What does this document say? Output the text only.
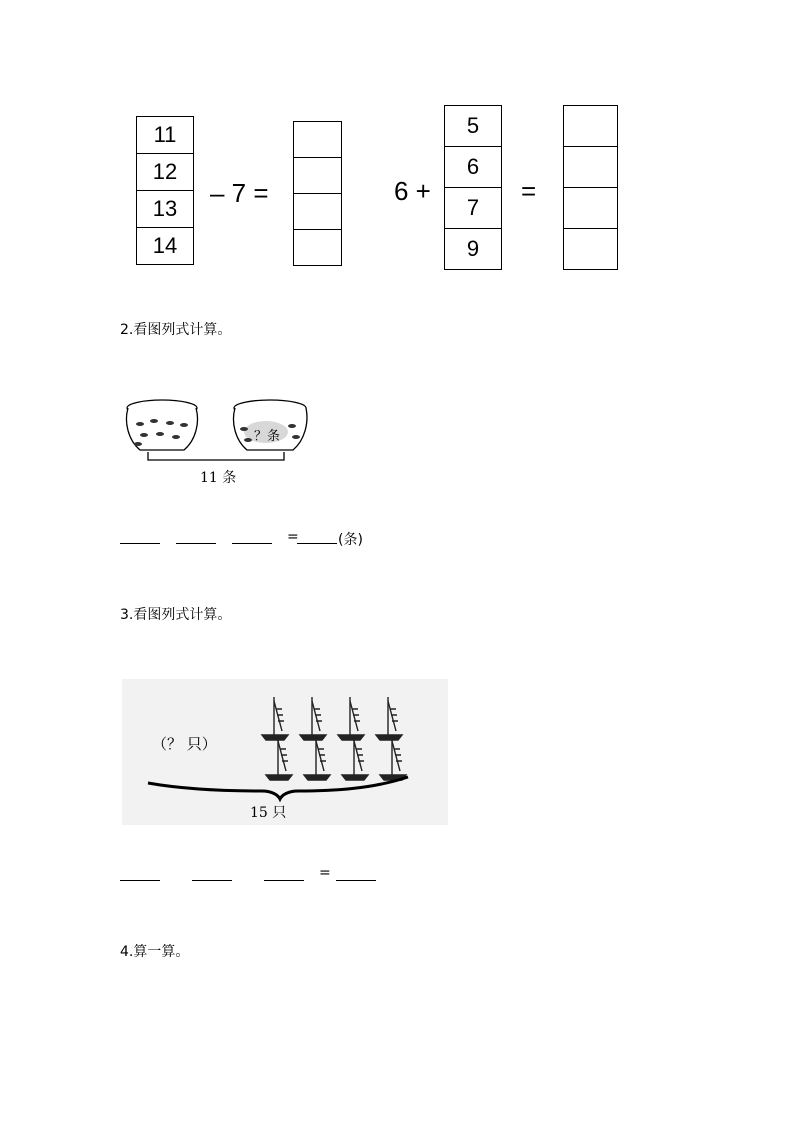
11
12
13
14
– 7 =	6 +
5
6
7
9
=
2.看图列式计算。
？条
11 条
=	(条)
3.看图列式计算。
（？ 只）
15 只
=
4.算一算。
